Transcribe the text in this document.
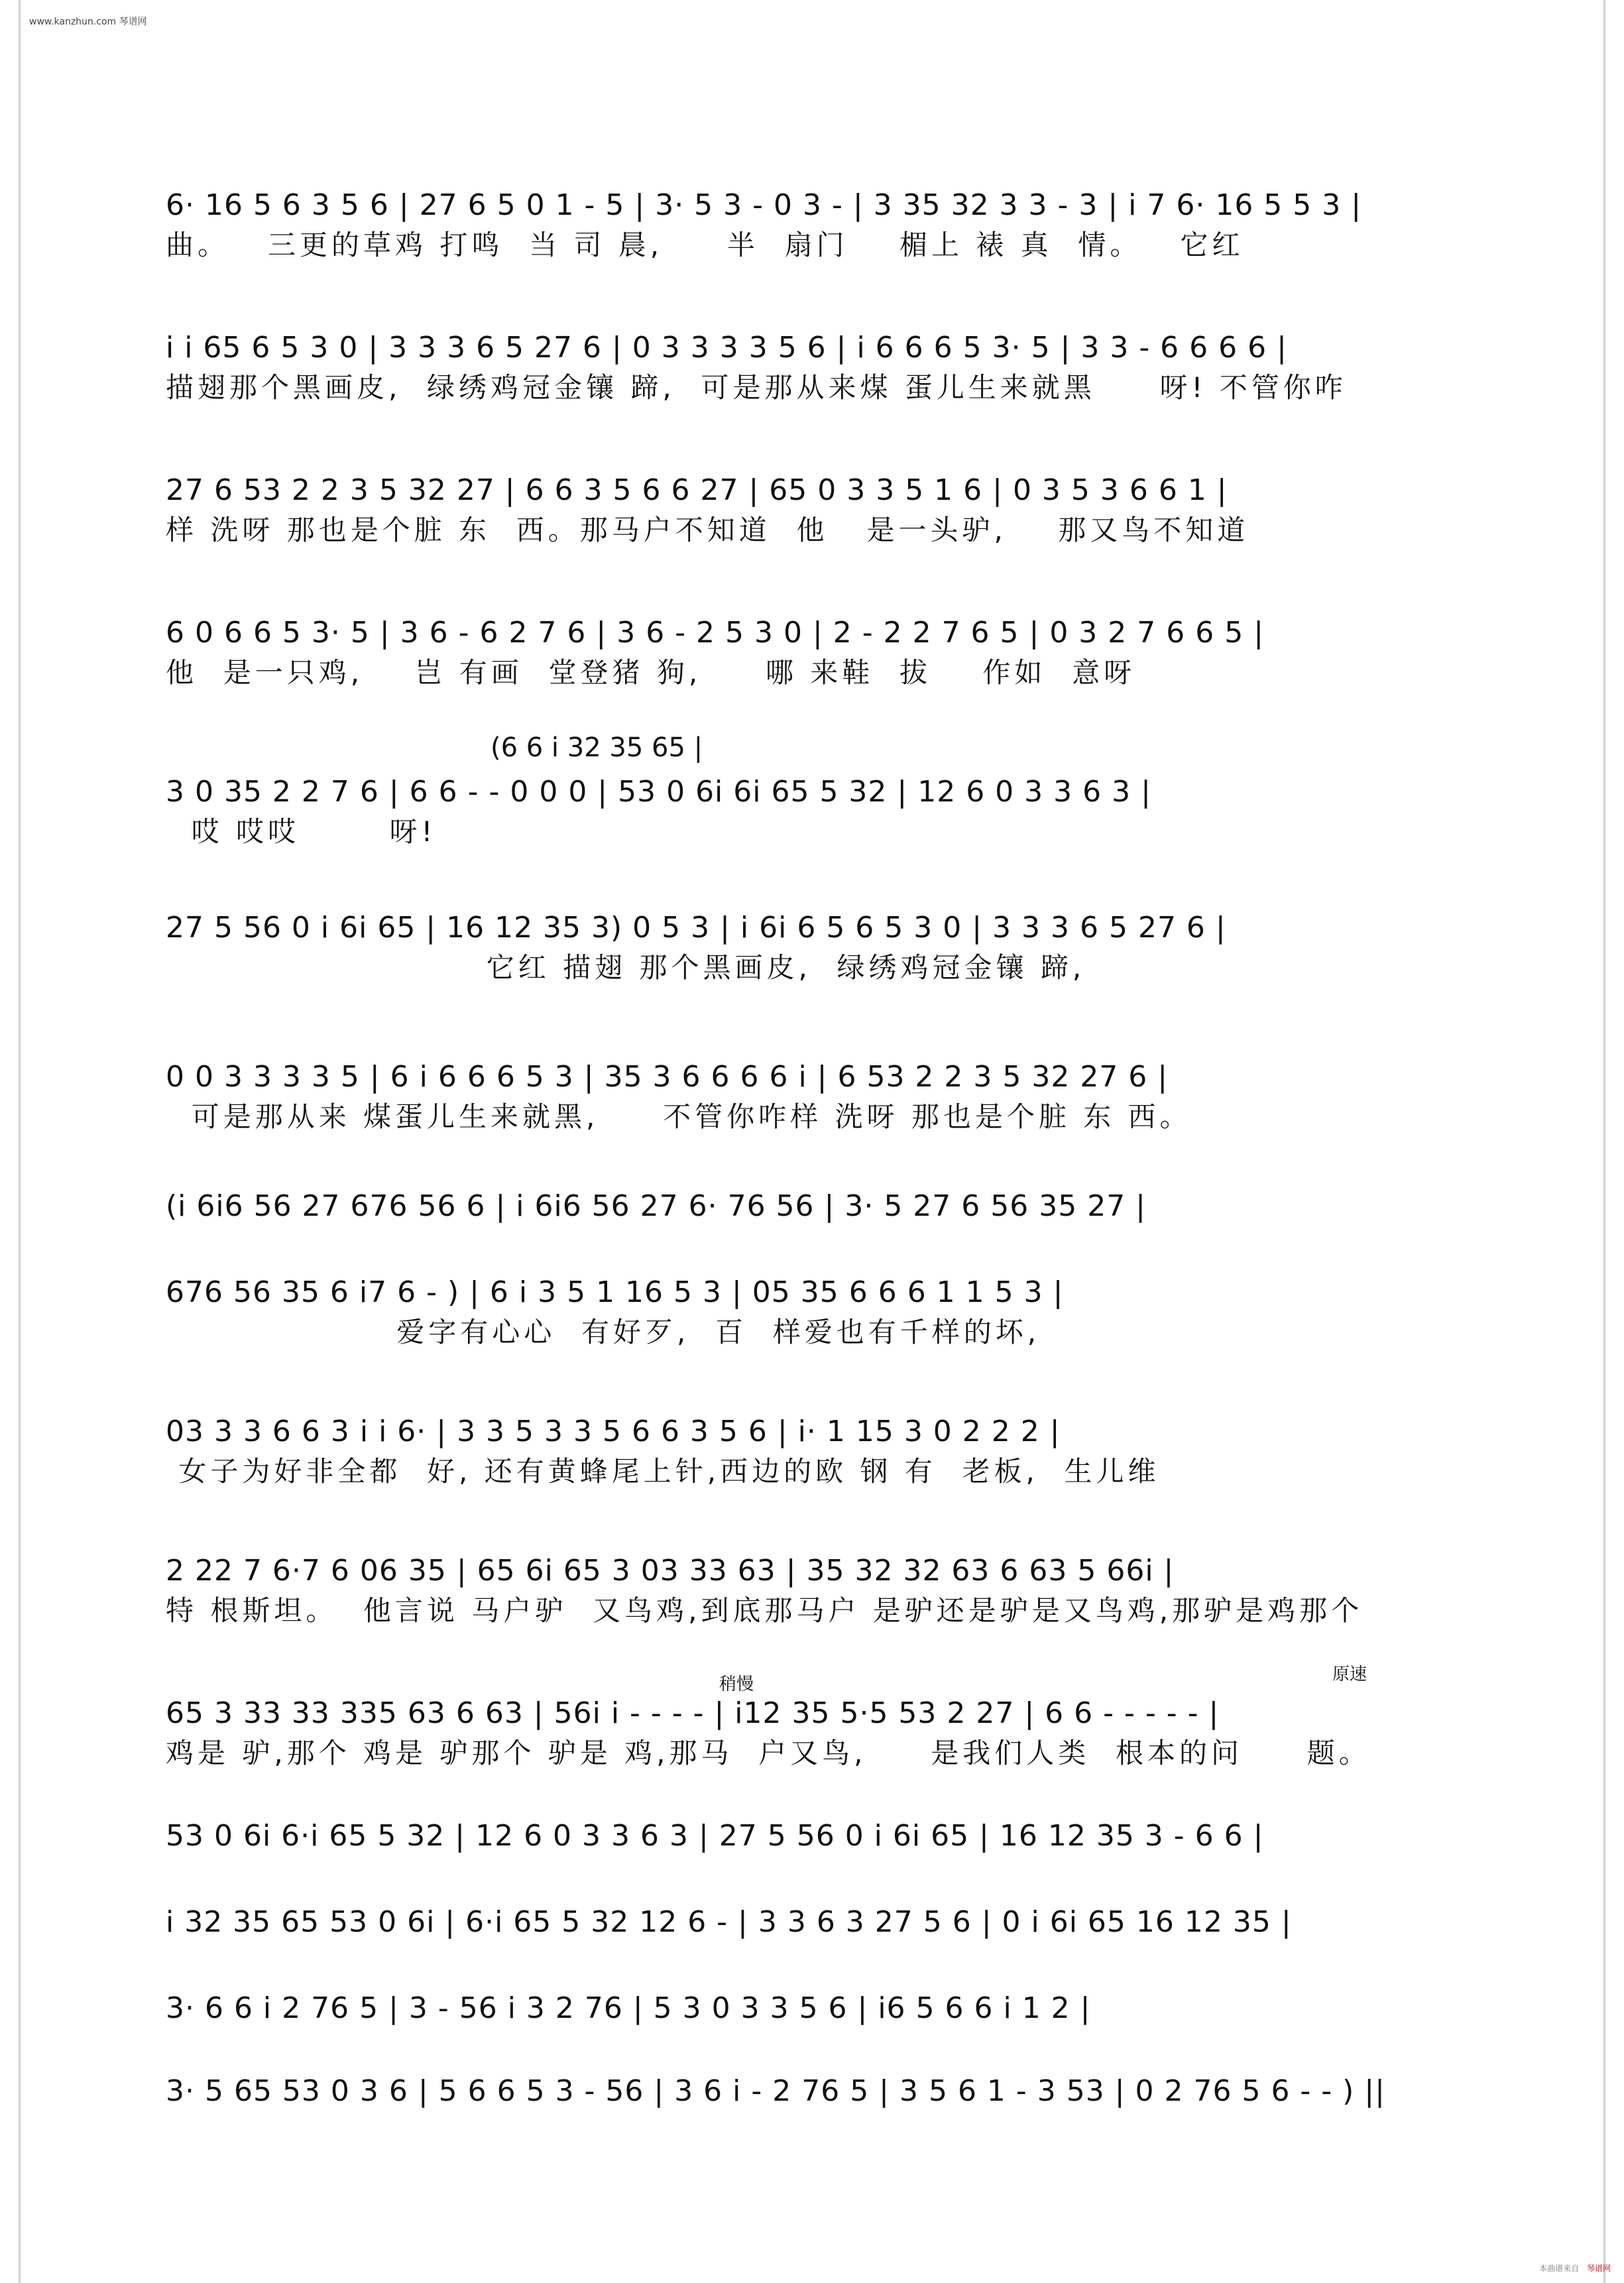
www.kanzhun.com 琴谱网
6· 16 5 6 3 5 6 | 27 6 5 0 1 - 5 | 3· 5 3 - 0 3 - | 3 35 32 3 3 - 3 | i 7 6· 16 5 5 3 |
曲。   三更的草鸡 打鸣  当 司 晨,     半  扇门    楣上 裱 真  情。   它红
i i 65 6 5 3 0 | 3 3 3 6 5 27 6 | 0 3 3 3 3 5 6 | i 6 6 6 5 3· 5 | 3 3 - 6 6 6 6 |
描翅那个黑画皮,  绿绣鸡冠金镶 蹄,  可是那从来煤 蛋儿生来就黑     呀! 不管你咋
27 6 53 2 2 3 5 32 27 | 6 6 3 5 6 6 27 | 65 0 3 3 5 1 6 | 0 3 5 3 6 6 1 |
样 洗呀 那也是个脏 东  西。那马户不知道  他   是一头驴,    那又鸟不知道
6 0 6 6 5 3· 5 | 3 6 - 6 2 7 6 | 3 6 - 2 5 3 0 | 2 - 2 2 7 6 5 | 0 3 2 7 6 6 5 |
他  是一只鸡,    岂 有画  堂登猪 狗,     哪 来鞋  拔    作如  意呀
(6 6 i 32 35 65 |
3 0 35 2 2 7 6 | 6 6 - - 0 0 0 | 53 0 6i 6i 65 5 32 | 12 6 0 3 3 6 3 |
哎 哎哎       呀!
27 5 56 0 i 6i 65 | 16 12 35 3) 0 5 3 | i 6i 6 5 6 5 3 0 | 3 3 3 6 5 27 6 |
它红 描翅 那个黑画皮,  绿绣鸡冠金镶 蹄,
0 0 3 3 3 3 5 | 6 i 6 6 6 5 3 | 35 3 6 6 6 6 i | 6 53 2 2 3 5 32 27 6 |
可是那从来 煤蛋儿生来就黑,     不管你咋样 洗呀 那也是个脏 东 西。
(i 6i6 56 27 676 56 6 | i 6i6 56 27 6· 76 56 | 3· 5 27 6 56 35 27 |
676 56 35 6 i7 6 - ) | 6 i 3 5 1 16 5 3 | 05 35 6 6 6 1 1 5 3 |
爱字有心心  有好歹,  百  样爱也有千样的坏,
03 3 3 6 6 3 i i 6· | 3 3 5 3 3 5 6 6 3 5 6 | i· 1 15 3 0 2 2 2 |
女子为好非全都  好, 还有黄蜂尾上针,西边的欧 钢 有  老板,  生儿维
2 22 7 6·7 6 06 35 | 65 6i 65 3 03 33 63 | 35 32 32 63 6 63 5 66i |
特 根斯坦。  他言说 马户驴  又鸟鸡,到底那马户 是驴还是驴是又鸟鸡,那驴是鸡那个
稍慢	原速
65 3 33 33 335 63 6 63 | 56i i - - - - | i12 35 5·5 53 2 27 | 6 6 - - - - - |
鸡是 驴,那个 鸡是 驴那个 驴是 鸡,那马  户又鸟,     是我们人类  根本的问     题。
53 0 6i 6·i 65 5 32 | 12 6 0 3 3 6 3 | 27 5 56 0 i 6i 65 | 16 12 35 3 - 6 6 |
i 32 35 65 53 0 6i | 6·i 65 5 32 12 6 - | 3 3 6 3 27 5 6 | 0 i 6i 65 16 12 35 |
3· 6 6 i 2 76 5 | 3 - 56 i 3 2 76 | 5 3 0 3 3 5 6 | i6 5 6 6 i 1 2 |
3· 5 65 53 0 3 6 | 5 6 6 5 3 - 56 | 3 6 i - 2 76 5 | 3 5 6 1 - 3 53 | 0 2 76 5 6 - - ) ||
本曲谱来自 琴谱网
